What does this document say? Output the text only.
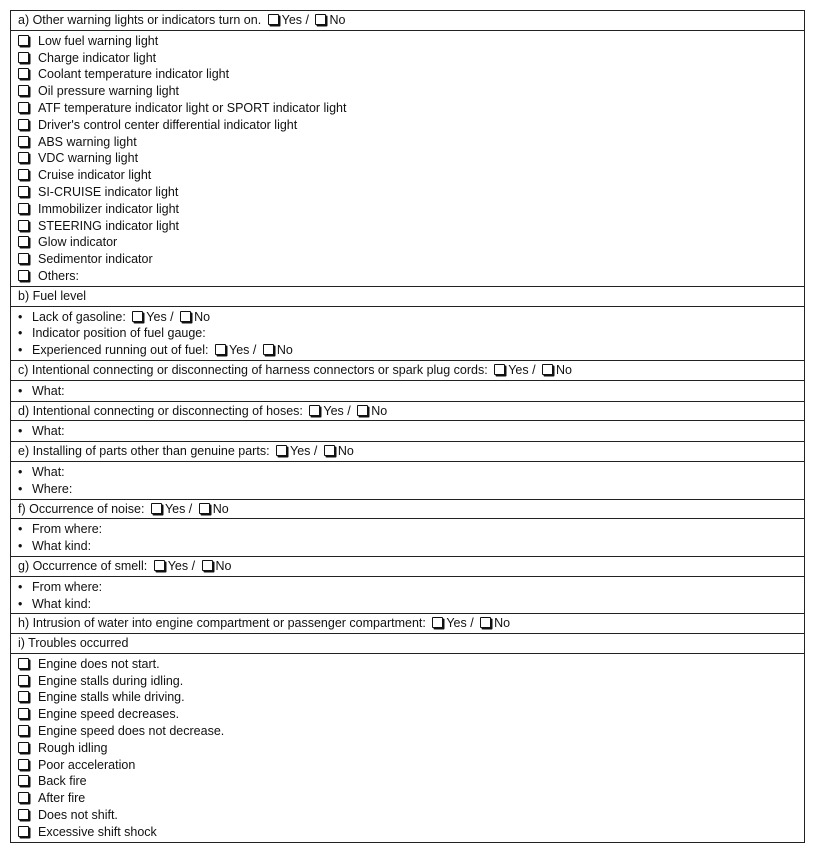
a) Other warning lights or indicators turn on. Yes / No
Low fuel warning light
Charge indicator light
Coolant temperature indicator light
Oil pressure warning light
ATF temperature indicator light or SPORT indicator light
Driver's control center differential indicator light
ABS warning light
VDC warning light
Cruise indicator light
SI-CRUISE indicator light
Immobilizer indicator light
STEERING indicator light
Glow indicator
Sedimentor indicator
Others:
b) Fuel level
• Lack of gasoline: Yes / No
• Indicator position of fuel gauge:
• Experienced running out of fuel: Yes / No
c) Intentional connecting or disconnecting of harness connectors or spark plug cords: Yes / No
• What:
d) Intentional connecting or disconnecting of hoses: Yes / No
• What:
e) Installing of parts other than genuine parts: Yes / No
• What:
• Where:
f) Occurrence of noise: Yes / No
• From where:
• What kind:
g) Occurrence of smell: Yes / No
• From where:
• What kind:
h) Intrusion of water into engine compartment or passenger compartment: Yes / No
i) Troubles occurred
Engine does not start.
Engine stalls during idling.
Engine stalls while driving.
Engine speed decreases.
Engine speed does not decrease.
Rough idling
Poor acceleration
Back fire
After fire
Does not shift.
Excessive shift shock
